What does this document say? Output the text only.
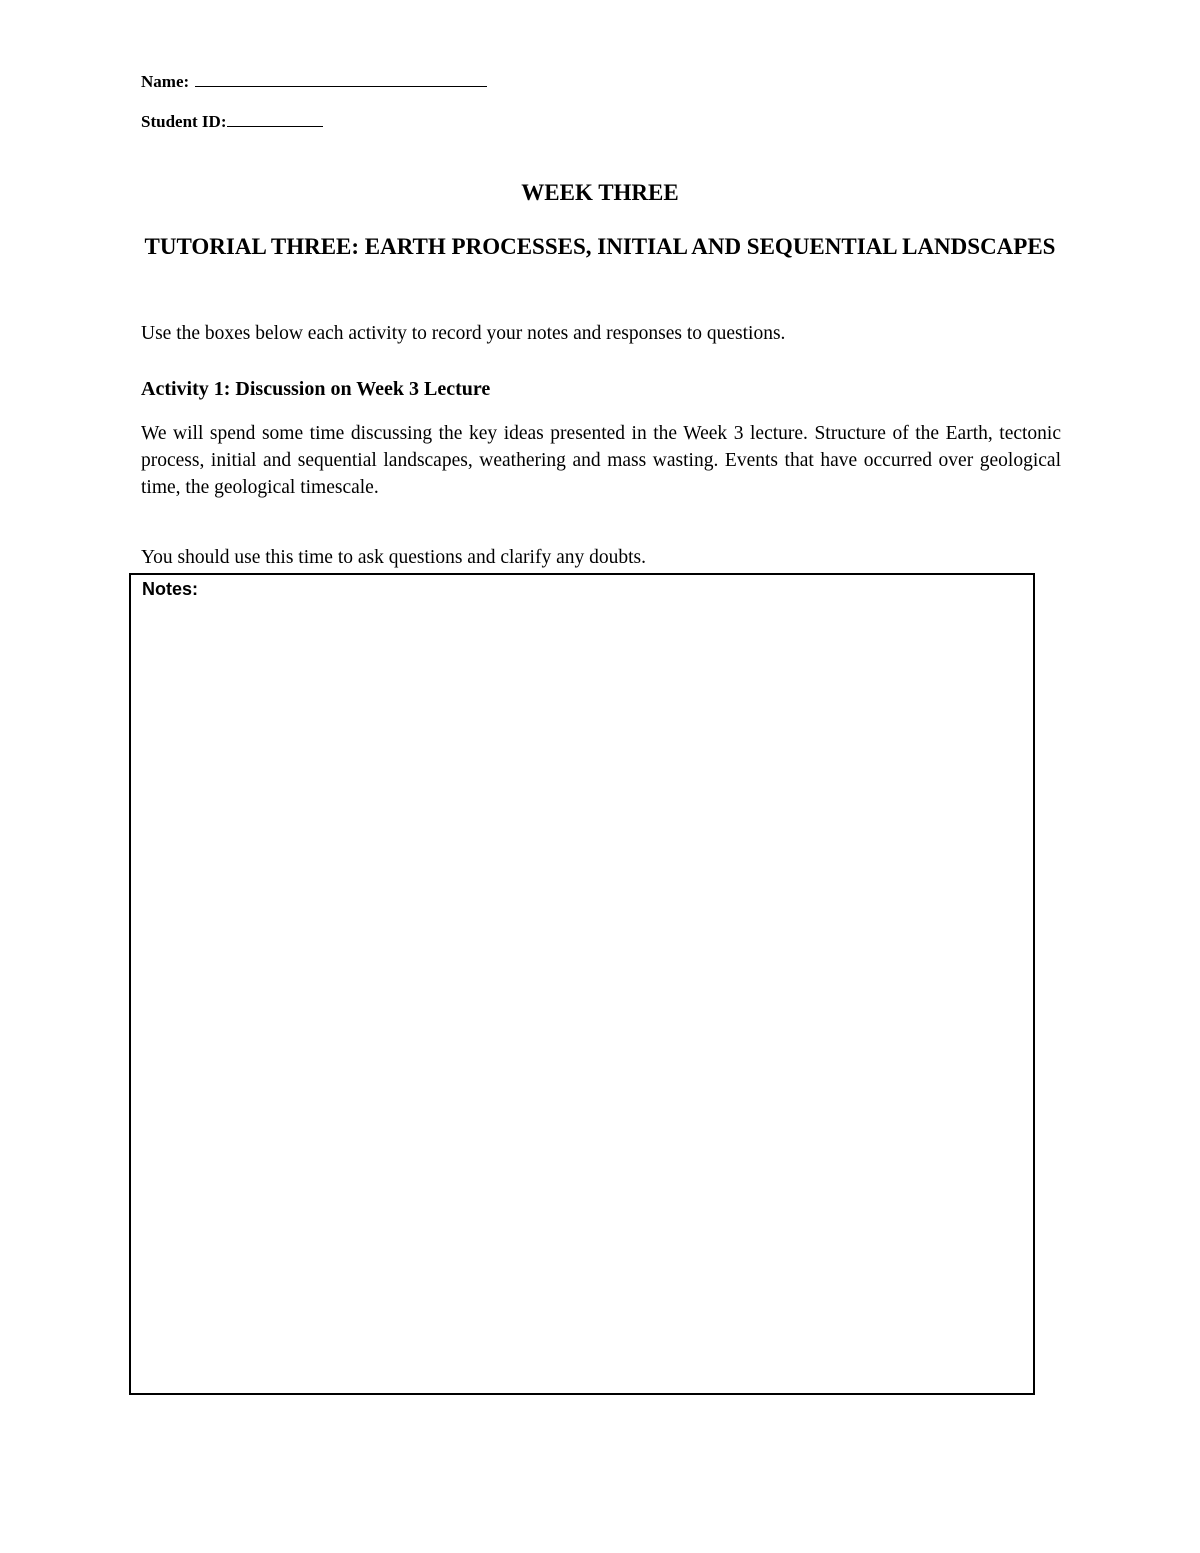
Name:
Student ID:
WEEK THREE
TUTORIAL THREE: EARTH PROCESSES, INITIAL AND SEQUENTIAL LANDSCAPES
Use the boxes below each activity to record your notes and responses to questions.
Activity 1: Discussion on Week 3 Lecture
We will spend some time discussing the key ideas presented in the Week 3 lecture. Structure of the Earth, tectonic process, initial and sequential landscapes, weathering and mass wasting. Events that have occurred over geological time, the geological timescale.
You should use this time to ask questions and clarify any doubts.
Notes:
